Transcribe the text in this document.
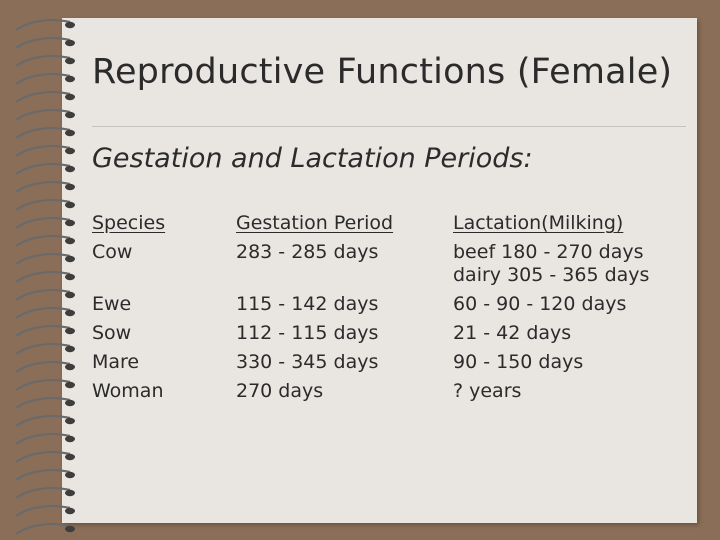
Reproductive Functions (Female)
Gestation and Lactation Periods:
Species
Cow
Ewe
Sow
Mare
Woman
Gestation Period
283 - 285 days
115 - 142 days
112 - 115 days
330 - 345 days
270 days
Lactation(Milking)
beef 180 - 270 days
dairy 305 - 365 days
60 - 90 - 120 days
21 - 42 days
90 - 150 days
? years
